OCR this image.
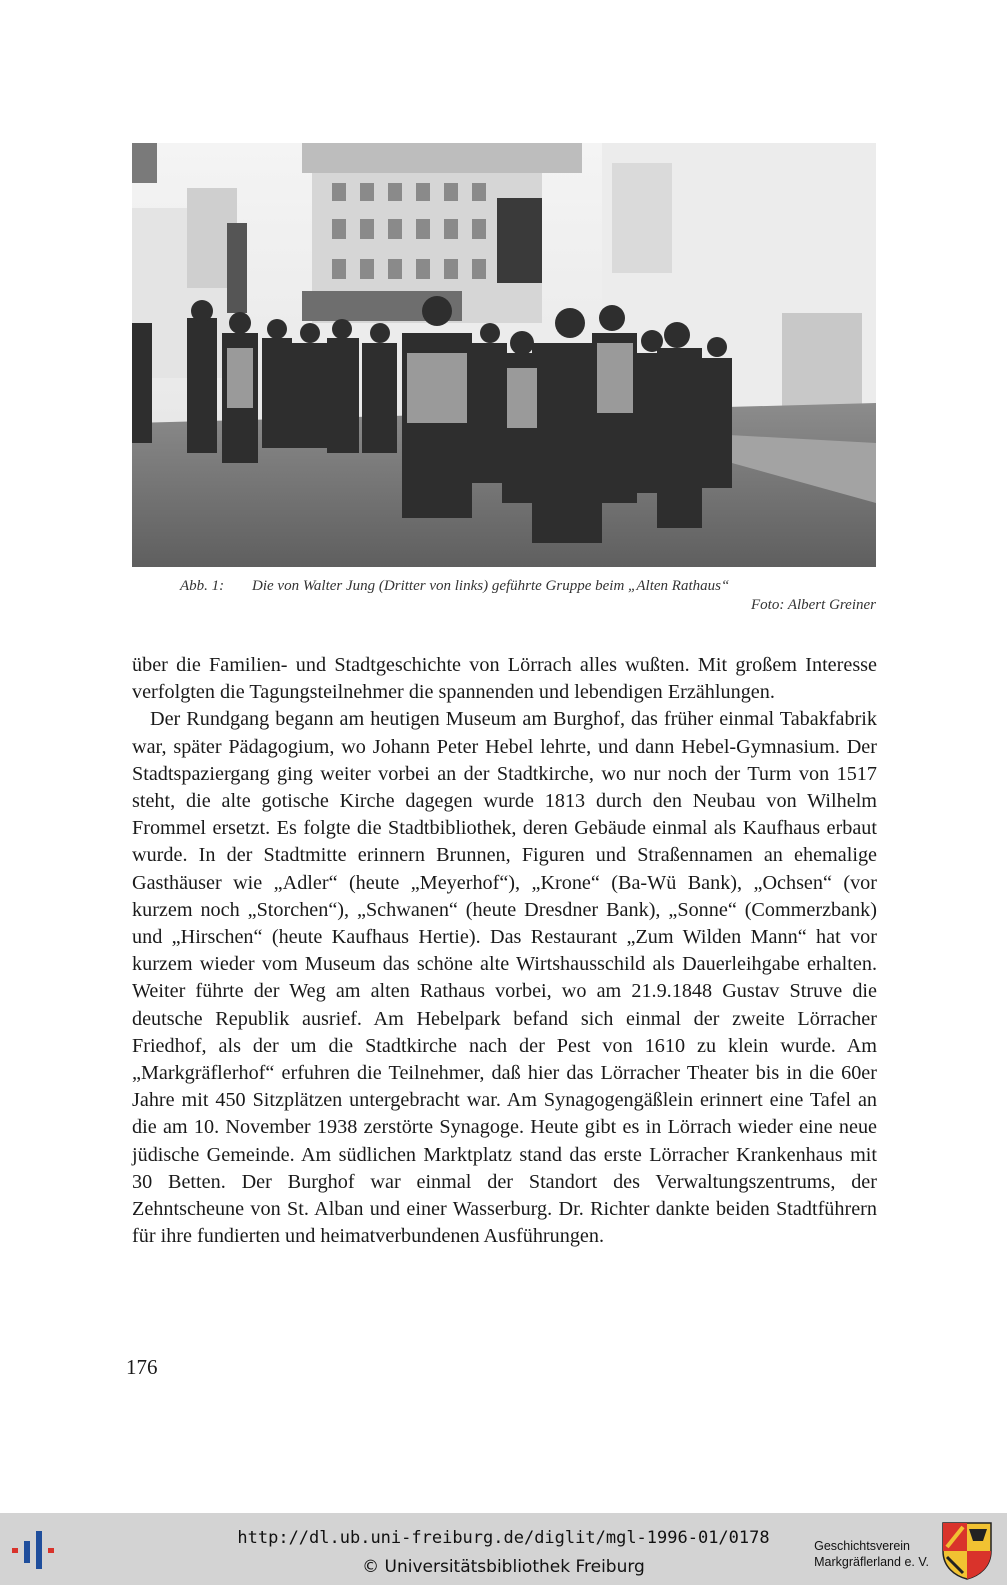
Abb. 1: Die von Walter Jung (Dritter von links) geführte Gruppe beim „Alten Rathaus“
Foto: Albert Greiner

über die Familien- und Stadtgeschichte von Lörrach alles wußten. Mit großem Interesse verfolgten die Tagungsteilnehmer die spannenden und lebendigen Erzählungen.

Der Rundgang begann am heutigen Museum am Burghof, das früher einmal Tabakfabrik war, später Pädagogium, wo Johann Peter Hebel lehrte, und dann Hebel-Gymnasium. Der Stadtspaziergang ging weiter vorbei an der Stadtkirche, wo nur noch der Turm von 1517 steht, die alte gotische Kirche dagegen wurde 1813 durch den Neubau von Wilhelm Frommel ersetzt. Es folgte die Stadtbibliothek, deren Gebäude einmal als Kaufhaus erbaut wurde. In der Stadtmitte erinnern Brunnen, Figuren und Straßennamen an ehemalige Gasthäuser wie „Adler“ (heute „Meyerhof“), „Krone“ (Ba-Wü Bank), „Ochsen“ (vor kurzem noch „Storchen“), „Schwanen“ (heute Dresdner Bank), „Sonne“ (Commerzbank) und „Hirschen“ (heute Kaufhaus Hertie). Das Restaurant „Zum Wilden Mann“ hat vor kurzem wieder vom Museum das schöne alte Wirtshausschild als Dauerleihgabe erhalten. Weiter führte der Weg am alten Rathaus vorbei, wo am 21.9.1848 Gustav Struve die deutsche Republik ausrief. Am Hebelpark befand sich einmal der zweite Lörracher Friedhof, als der um die Stadtkirche nach der Pest von 1610 zu klein wurde. Am „Markgräflerhof“ erfuhren die Teilnehmer, daß hier das Lörracher Theater bis in die 60er Jahre mit 450 Sitzplätzen untergebracht war. Am Synagogengäßlein erinnert eine Tafel an die am 10. November 1938 zerstörte Synagoge. Heute gibt es in Lörrach wieder eine neue jüdische Gemeinde. Am südlichen Marktplatz stand das erste Lörracher Krankenhaus mit 30 Betten. Der Burghof war einmal der Standort des Verwaltungszentrums, der Zehntscheune von St. Alban und einer Wasserburg. Dr. Richter dankte beiden Stadtführern für ihre fundierten und heimatverbundenen Ausführungen.

176
http://dl.ub.uni-freiburg.de/diglit/mgl-1996-01/0178
© Universitätsbibliothek Freiburg
Geschichtsverein
Markgräflerland e. V.
